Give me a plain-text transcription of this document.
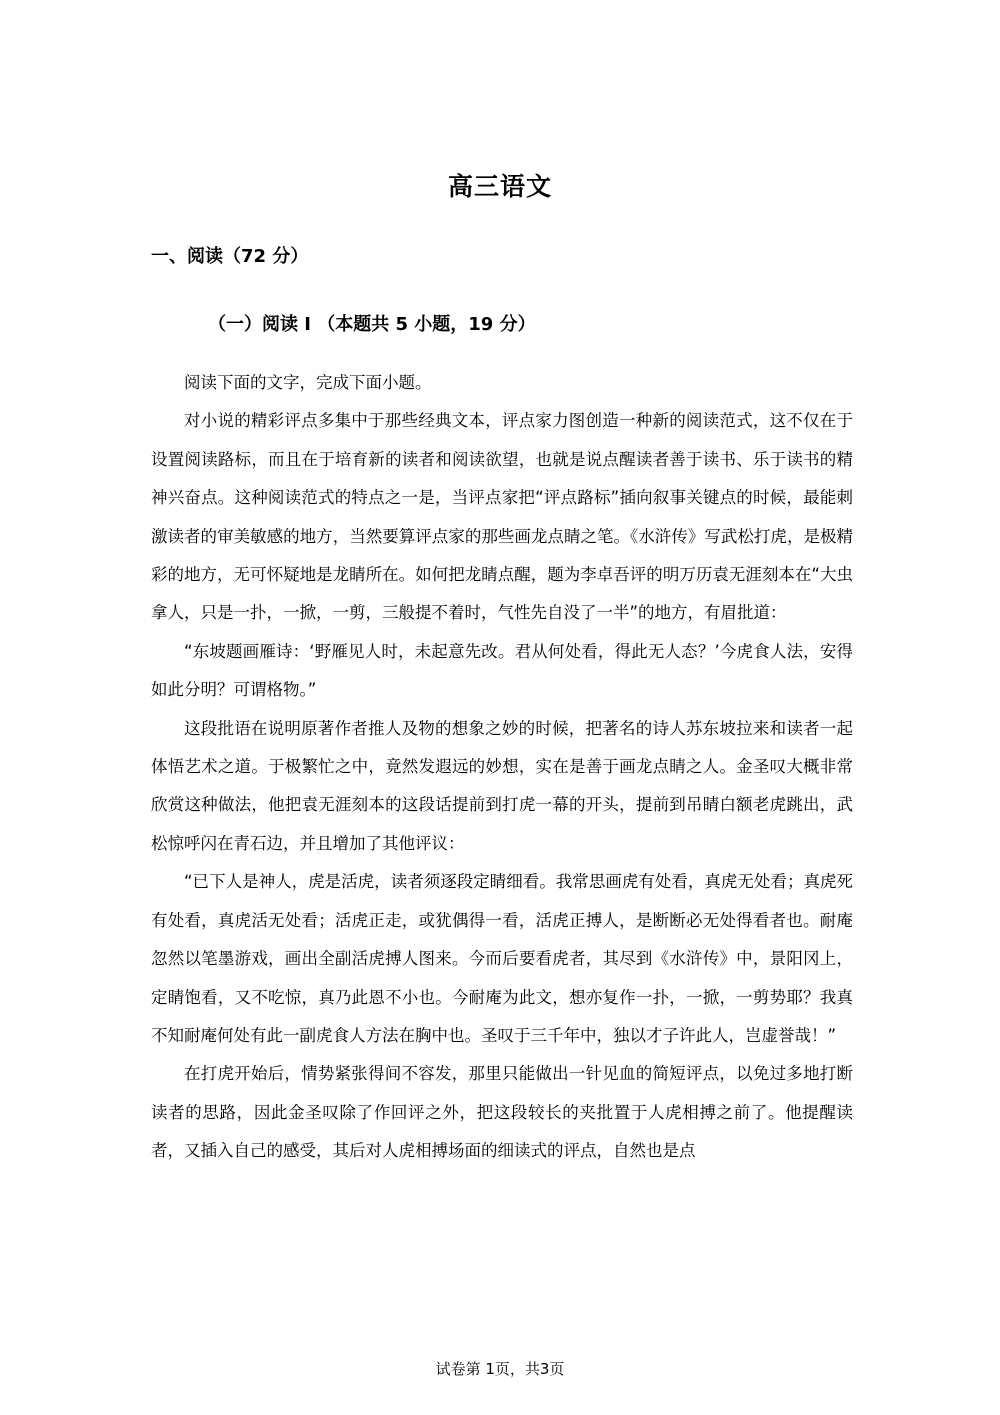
高三语文
一、阅读（72 分）
（一）阅读 I （本题共 5 小题，19 分）

阅读下面的文字，完成下面小题。

对小说的精彩评点多集中于那些经典文本，评点家力图创造一种新的阅读范式，这不仅在于设置阅读路标，而且在于培育新的读者和阅读欲望，也就是说点醒读者善于读书、乐于读书的精神兴奋点。这种阅读范式的特点之一是，当评点家把“评点路标”插向叙事关键点的时候，最能刺激读者的审美敏感的地方，当然要算评点家的那些画龙点睛之笔。《水浒传》写武松打虎，是极精彩的地方，无可怀疑地是龙睛所在。如何把龙睛点醒，题为李卓吾评的明万历袁无涯刻本在“大虫拿人，只是一扑，一掀，一剪，三般提不着时，气性先自没了一半”的地方，有眉批道：

“东坡题画雁诗：‘野雁见人时，未起意先改。君从何处看，得此无人态？’今虎食人法，安得如此分明？可谓格物。”

这段批语在说明原著作者推人及物的想象之妙的时候，把著名的诗人苏东坡拉来和读者一起体悟艺术之道。于极繁忙之中，竟然发遐远的妙想，实在是善于画龙点睛之人。金圣叹大概非常欣赏这种做法，他把袁无涯刻本的这段话提前到打虎一幕的开头，提前到吊睛白额老虎跳出，武松惊呼闪在青石边，并且增加了其他评议：

“已下人是神人，虎是活虎，读者须逐段定睛细看。我常思画虎有处看，真虎无处看；真虎死有处看，真虎活无处看；活虎正走，或犹偶得一看，活虎正搏人，是断断必无处得看者也。耐庵忽然以笔墨游戏，画出全副活虎搏人图来。今而后要看虎者，其尽到《水浒传》中，景阳冈上，定睛饱看，又不吃惊，真乃此恩不小也。今耐庵为此文，想亦复作一扑，一掀，一剪势耶？我真不知耐庵何处有此一副虎食人方法在胸中也。圣叹于三千年中，独以才子许此人，岂虚誉哉！”

在打虎开始后，情势紧张得间不容发，那里只能做出一针见血的简短评点，以免过多地打断读者的思路，因此金圣叹除了作回评之外，把这段较长的夹批置于人虎相搏之前了。他提醒读者，又插入自己的感受，其后对人虎相搏场面的细读式的评点，自然也是点

试卷第 1页，共3页
